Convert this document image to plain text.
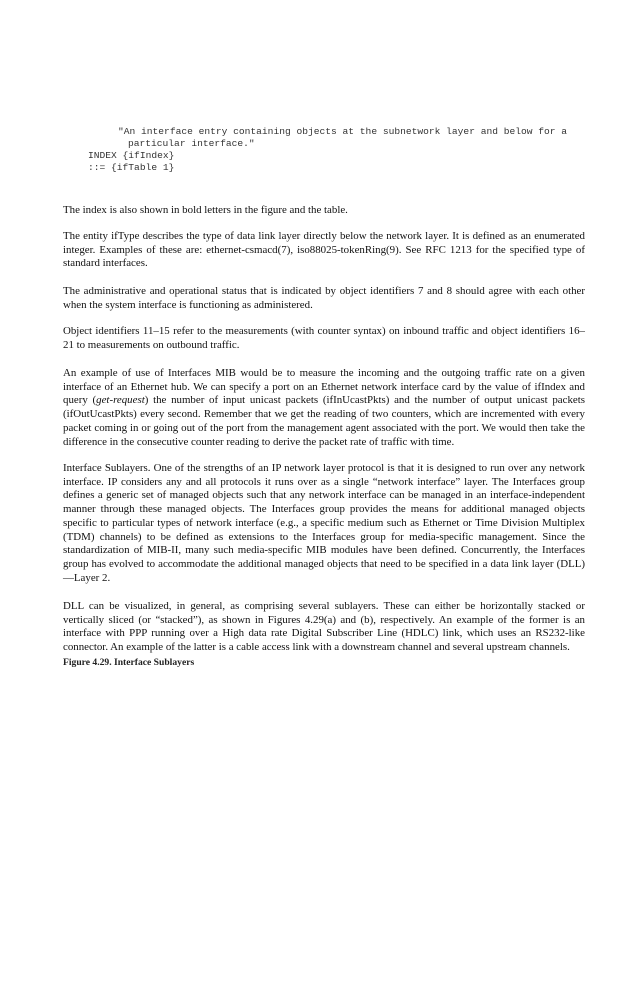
"An interface entry containing objects at the subnetwork layer and below for a
particular interface."
INDEX {ifIndex}
::= {ifTable 1}

The index is also shown in bold letters in the figure and the table.

The entity ifType describes the type of data link layer directly below the network layer. It is defined as an enumerated integer. Examples of these are: ethernet-csmacd(7), iso88025-tokenRing(9). See RFC 1213 for the specified type of standard interfaces.

The administrative and operational status that is indicated by object identifiers 7 and 8 should agree with each other when the system interface is functioning as administered.

Object identifiers 11–15 refer to the measurements (with counter syntax) on inbound traffic and object identifiers 16–21 to measurements on outbound traffic.

An example of use of Interfaces MIB would be to measure the incoming and the outgoing traffic rate on a given interface of an Ethernet hub. We can specify a port on an Ethernet network interface card by the value of ifIndex and query (get-request) the number of input unicast packets (ifInUcastPkts) and the number of output unicast packets (ifOutUcastPkts) every second. Remember that we get the reading of two counters, which are incremented with every packet coming in or going out of the port from the management agent associated with the port. We would then take the difference in the consecutive counter reading to derive the packet rate of traffic with time.

Interface Sublayers. One of the strengths of an IP network layer protocol is that it is designed to run over any network interface. IP considers any and all protocols it runs over as a single “network interface” layer. The Interfaces group defines a generic set of managed objects such that any network interface can be managed in an interface-independent manner through these managed objects. The Interfaces group provides the means for additional managed objects specific to particular types of network interface (e.g., a specific medium such as Ethernet or Time Division Multiplex (TDM) channels) to be defined as extensions to the Interfaces group for media-specific management. Since the standardization of MIB-II, many such media-specific MIB modules have been defined. Concurrently, the Interfaces group has evolved to accommodate the additional managed objects that need to be specified in a data link layer (DLL)—Layer 2.

DLL can be visualized, in general, as comprising several sublayers. These can either be horizontally stacked or vertically sliced (or “stacked”), as shown in Figures 4.29(a) and (b), respectively. An example of the former is an interface with PPP running over a High data rate Digital Subscriber Line (HDLC) link, which uses an RS232-like connector. An example of the latter is a cable access link with a downstream channel and several upstream channels.

Figure 4.29. Interface Sublayers
